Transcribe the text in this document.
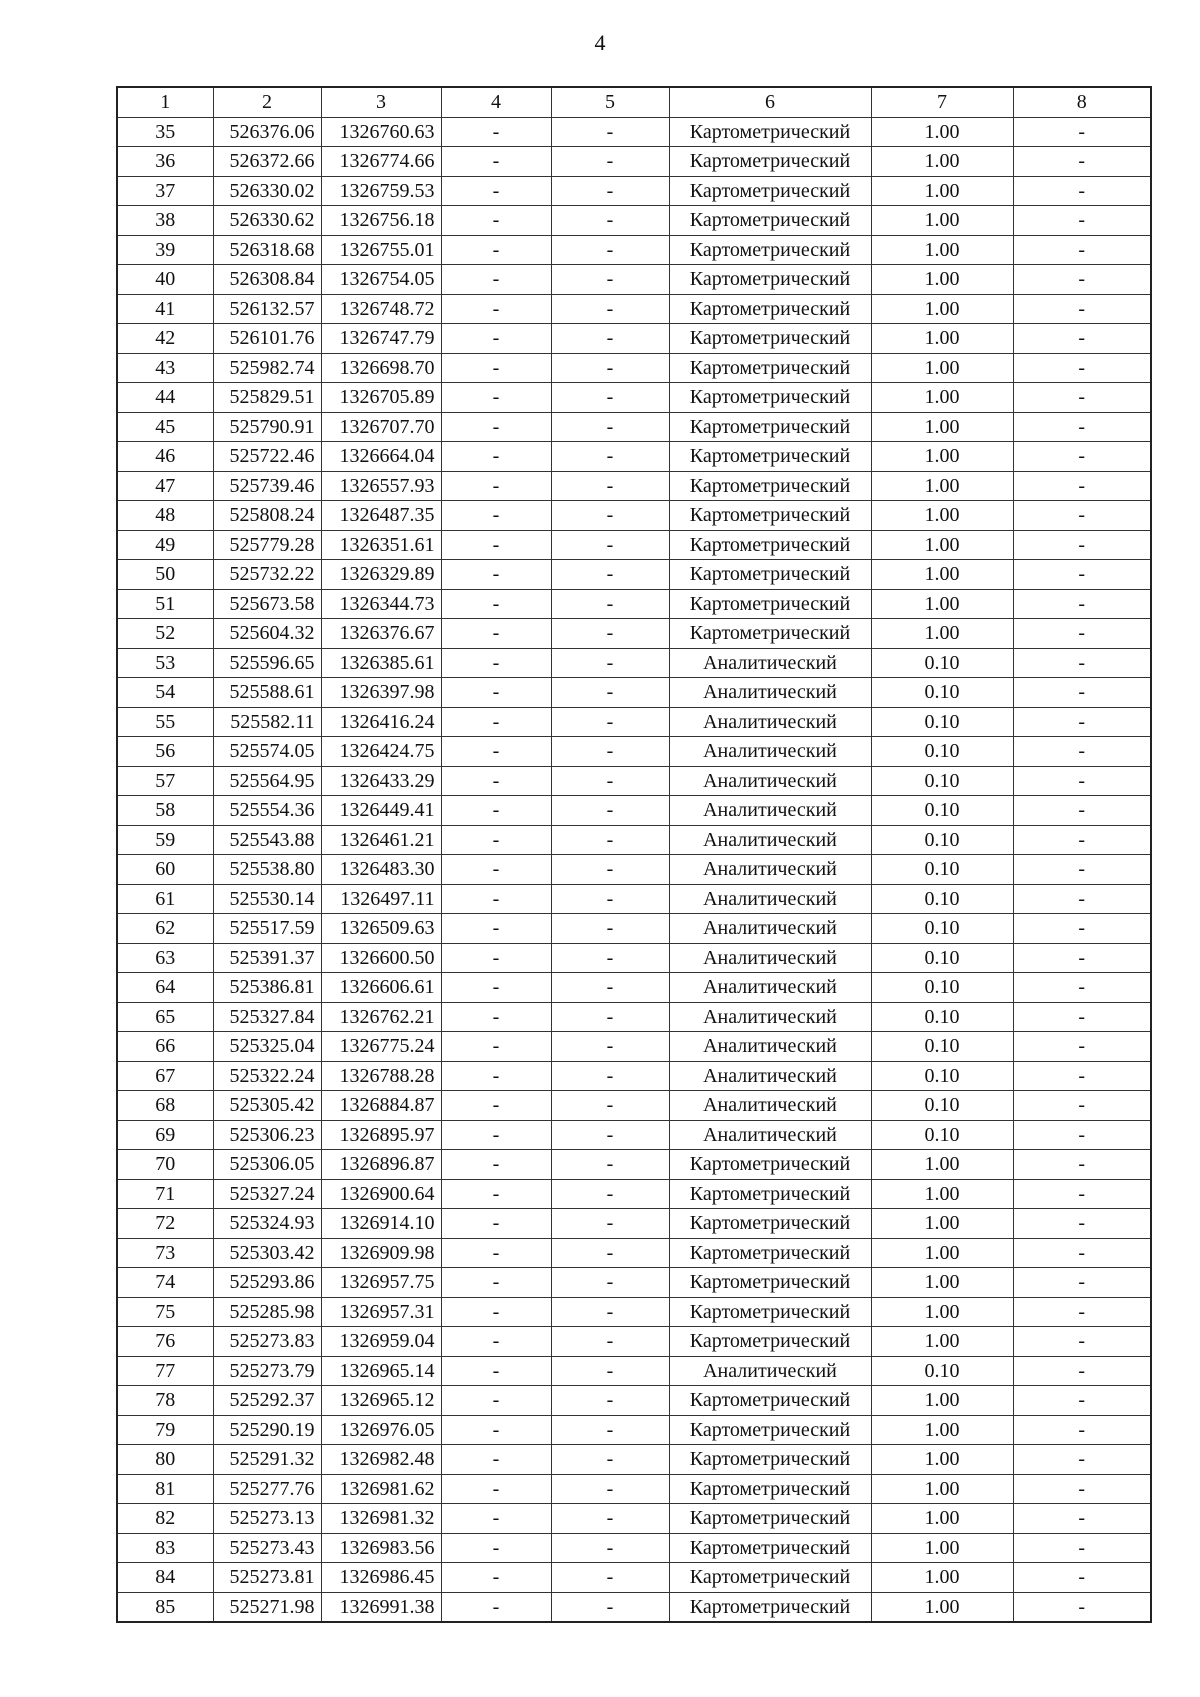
4
1	2	3	4	5	6	7	8
35	526376.06	1326760.63	-	-	Картометрический	1.00	-
36	526372.66	1326774.66	-	-	Картометрический	1.00	-
37	526330.02	1326759.53	-	-	Картометрический	1.00	-
38	526330.62	1326756.18	-	-	Картометрический	1.00	-
39	526318.68	1326755.01	-	-	Картометрический	1.00	-
40	526308.84	1326754.05	-	-	Картометрический	1.00	-
41	526132.57	1326748.72	-	-	Картометрический	1.00	-
42	526101.76	1326747.79	-	-	Картометрический	1.00	-
43	525982.74	1326698.70	-	-	Картометрический	1.00	-
44	525829.51	1326705.89	-	-	Картометрический	1.00	-
45	525790.91	1326707.70	-	-	Картометрический	1.00	-
46	525722.46	1326664.04	-	-	Картометрический	1.00	-
47	525739.46	1326557.93	-	-	Картометрический	1.00	-
48	525808.24	1326487.35	-	-	Картометрический	1.00	-
49	525779.28	1326351.61	-	-	Картометрический	1.00	-
50	525732.22	1326329.89	-	-	Картометрический	1.00	-
51	525673.58	1326344.73	-	-	Картометрический	1.00	-
52	525604.32	1326376.67	-	-	Картометрический	1.00	-
53	525596.65	1326385.61	-	-	Аналитический	0.10	-
54	525588.61	1326397.98	-	-	Аналитический	0.10	-
55	525582.11	1326416.24	-	-	Аналитический	0.10	-
56	525574.05	1326424.75	-	-	Аналитический	0.10	-
57	525564.95	1326433.29	-	-	Аналитический	0.10	-
58	525554.36	1326449.41	-	-	Аналитический	0.10	-
59	525543.88	1326461.21	-	-	Аналитический	0.10	-
60	525538.80	1326483.30	-	-	Аналитический	0.10	-
61	525530.14	1326497.11	-	-	Аналитический	0.10	-
62	525517.59	1326509.63	-	-	Аналитический	0.10	-
63	525391.37	1326600.50	-	-	Аналитический	0.10	-
64	525386.81	1326606.61	-	-	Аналитический	0.10	-
65	525327.84	1326762.21	-	-	Аналитический	0.10	-
66	525325.04	1326775.24	-	-	Аналитический	0.10	-
67	525322.24	1326788.28	-	-	Аналитический	0.10	-
68	525305.42	1326884.87	-	-	Аналитический	0.10	-
69	525306.23	1326895.97	-	-	Аналитический	0.10	-
70	525306.05	1326896.87	-	-	Картометрический	1.00	-
71	525327.24	1326900.64	-	-	Картометрический	1.00	-
72	525324.93	1326914.10	-	-	Картометрический	1.00	-
73	525303.42	1326909.98	-	-	Картометрический	1.00	-
74	525293.86	1326957.75	-	-	Картометрический	1.00	-
75	525285.98	1326957.31	-	-	Картометрический	1.00	-
76	525273.83	1326959.04	-	-	Картометрический	1.00	-
77	525273.79	1326965.14	-	-	Аналитический	0.10	-
78	525292.37	1326965.12	-	-	Картометрический	1.00	-
79	525290.19	1326976.05	-	-	Картометрический	1.00	-
80	525291.32	1326982.48	-	-	Картометрический	1.00	-
81	525277.76	1326981.62	-	-	Картометрический	1.00	-
82	525273.13	1326981.32	-	-	Картометрический	1.00	-
83	525273.43	1326983.56	-	-	Картометрический	1.00	-
84	525273.81	1326986.45	-	-	Картометрический	1.00	-
85	525271.98	1326991.38	-	-	Картометрический	1.00	-
